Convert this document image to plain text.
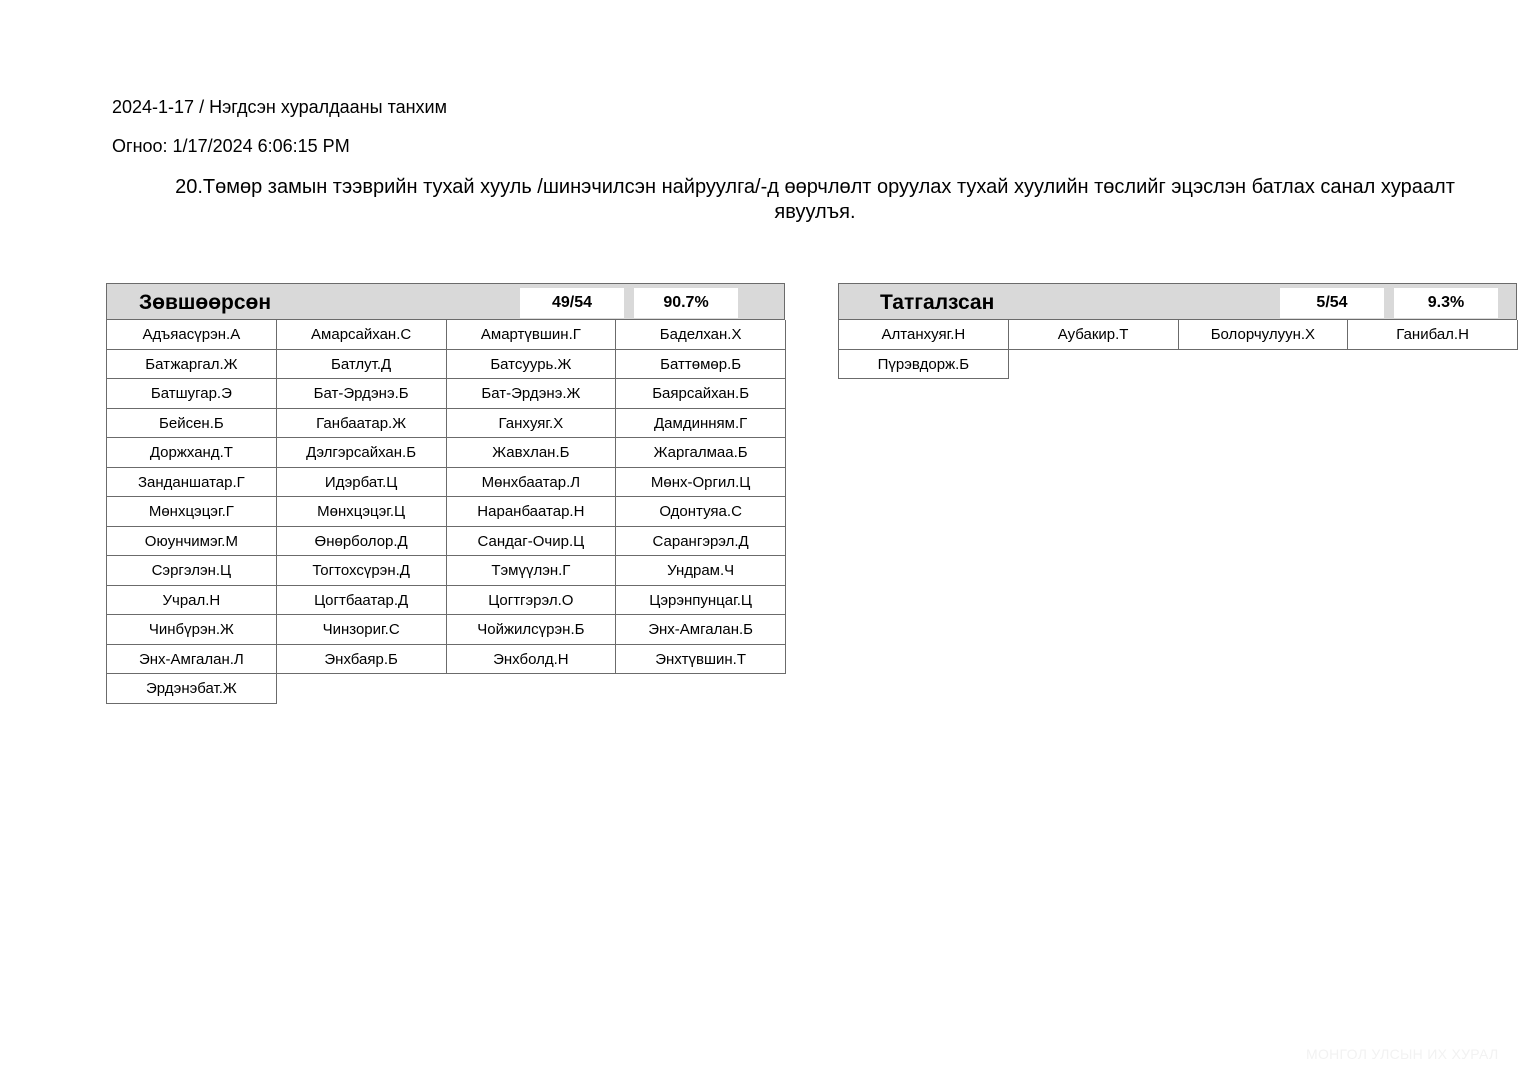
2024-1-17 / Нэгдсэн хуралдааны танхим
Огноо: 1/17/2024 6:06:15 PM
20.Төмөр замын тээврийн тухай хууль /шинэчилсэн найруулга/-д өөрчлөлт оруулах тухай хуулийн төслийг эцэслэн батлах санал хураалт явуулъя.
Зөвшөөрсөн	49/54	90.7%
Адъяасүрэн.А	Амарсайхан.С	Амартүвшин.Г	Баделхан.Х
Батжаргал.Ж	Батлут.Д	Батсуурь.Ж	Баттөмөр.Б
Батшугар.Э	Бат-Эрдэнэ.Б	Бат-Эрдэнэ.Ж	Баярсайхан.Б
Бейсен.Б	Ганбаатар.Ж	Ганхуяг.Х	Дамдинням.Г
Доржханд.Т	Дэлгэрсайхан.Б	Жавхлан.Б	Жаргалмаа.Б
Занданшатар.Г	Идэрбат.Ц	Мөнхбаатар.Л	Мөнх-Оргил.Ц
Мөнхцэцэг.Г	Мөнхцэцэг.Ц	Наранбаатар.Н	Одонтуяа.С
Оюунчимэг.М	Өнөрболор.Д	Сандаг-Очир.Ц	Сарангэрэл.Д
Сэргэлэн.Ц	Тогтохсүрэн.Д	Тэмүүлэн.Г	Ундрам.Ч
Учрал.Н	Цогтбаатар.Д	Цогтгэрэл.О	Цэрэнпунцаг.Ц
Чинбүрэн.Ж	Чинзориг.С	Чойжилсүрэн.Б	Энх-Амгалан.Б
Энх-Амгалан.Л	Энхбаяр.Б	Энхболд.Н	Энхтүвшин.Т
Эрдэнэбат.Ж
Татгалзсан	5/54	9.3%
Алтанхуяг.Н	Аубакир.Т	Болорчулуун.Х	Ганибал.Н
Пүрэвдорж.Б
МОНГОЛ УЛСЫН ИХ ХУРАЛ
